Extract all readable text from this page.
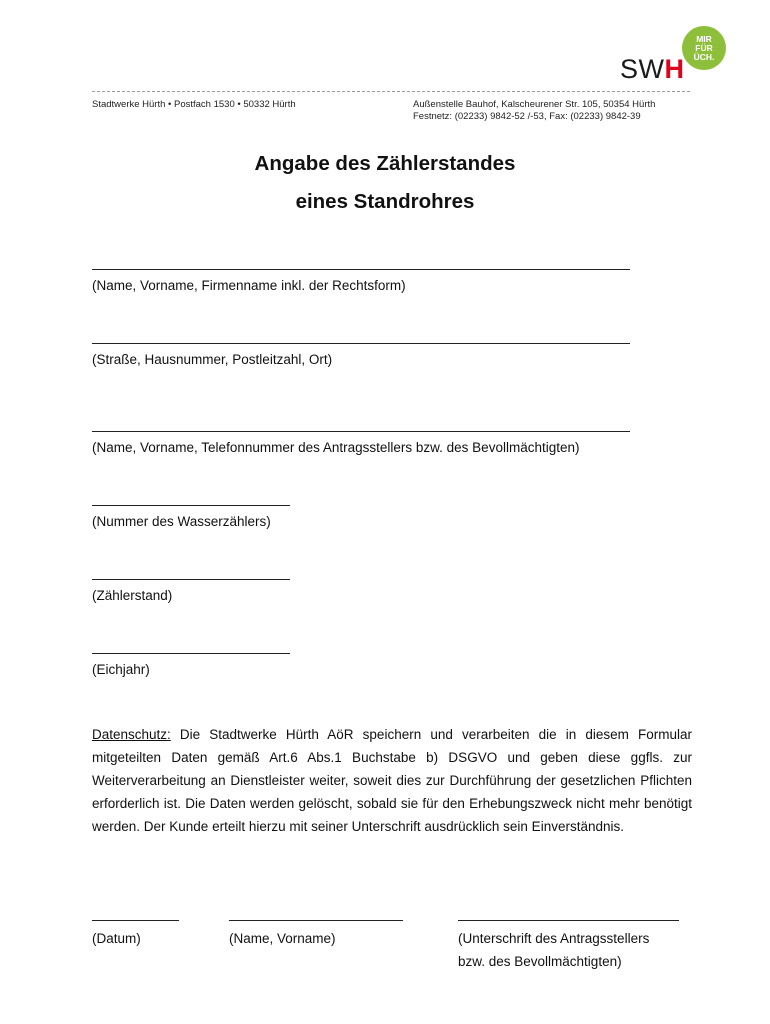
MIR
FÜR
ÜCH.
SWH
Stadtwerke Hürth • Postfach 1530 • 50332 Hürth	Außenstelle Bauhof, Kalscheurener Str. 105, 50354 Hürth
Festnetz: (02233) 9842-52 /-53, Fax: (02233) 9842-39
Angabe des Zählerstandes
eines Standrohres
(Name, Vorname, Firmenname inkl. der Rechtsform)
(Straße, Hausnummer, Postleitzahl, Ort)
(Name, Vorname, Telefonnummer des Antragsstellers bzw. des Bevollmächtigten)
(Nummer des Wasserzählers)
(Zählerstand)
(Eichjahr)
Datenschutz: Die Stadtwerke Hürth AöR speichern und verarbeiten die in diesem Formular mitgeteilten Daten gemäß Art.6 Abs.1 Buchstabe b) DSGVO und geben diese ggfls. zur Weiterverarbeitung an Dienstleister weiter, soweit dies zur Durchführung der gesetzlichen Pflichten erforderlich ist. Die Daten werden gelöscht, sobald sie für den Erhebungszweck nicht mehr benötigt werden. Der Kunde erteilt hierzu mit seiner Unterschrift ausdrücklich sein Einverständnis.
(Datum)	(Name, Vorname)	(Unterschrift des Antragsstellers
bzw. des Bevollmächtigten)
